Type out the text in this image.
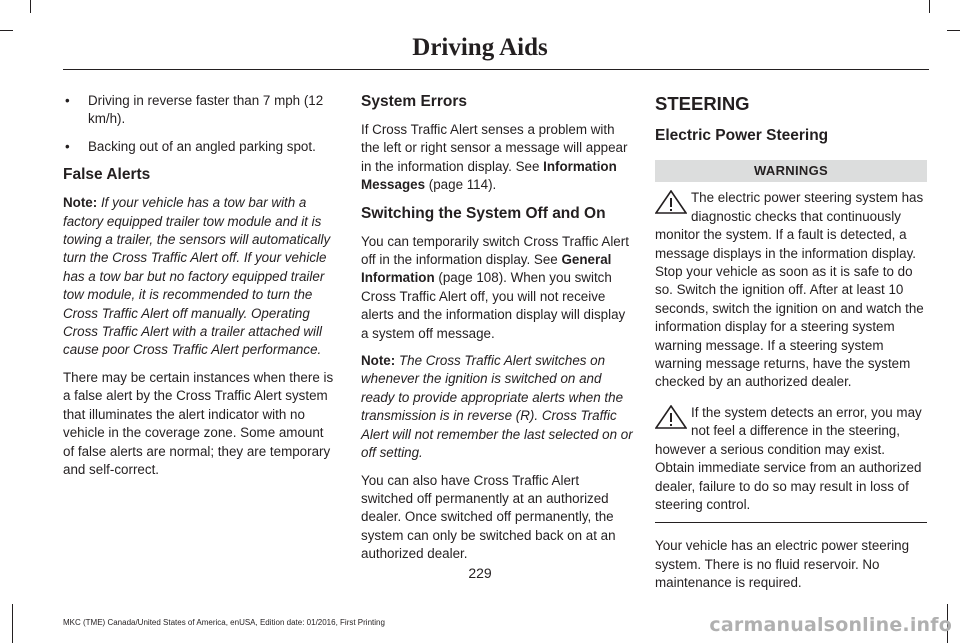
Driving Aids
• Driving in reverse faster than 7 mph (12 km/h).
• Backing out of an angled parking spot.
False Alerts

Note: If your vehicle has a tow bar with a factory equipped trailer tow module and it is towing a trailer, the sensors will automatically turn the Cross Traffic Alert off. If your vehicle has a tow bar but no factory equipped trailer tow module, it is recommended to turn the Cross Traffic Alert off manually. Operating Cross Traffic Alert with a trailer attached will cause poor Cross Traffic Alert performance.

There may be certain instances when there is a false alert by the Cross Traffic Alert system that illuminates the alert indicator with no vehicle in the coverage zone. Some amount of false alerts are normal; they are temporary and self-correct.

System Errors

If Cross Traffic Alert senses a problem with the left or right sensor a message will appear in the information display. See Information Messages (page 114).

Switching the System Off and On

You can temporarily switch Cross Traffic Alert off in the information display. See General Information (page 108). When you switch Cross Traffic Alert off, you will not receive alerts and the information display will display a system off message.

Note: The Cross Traffic Alert switches on whenever the ignition is switched on and ready to provide appropriate alerts when the transmission is in reverse (R). Cross Traffic Alert will not remember the last selected on or off setting.

You can also have Cross Traffic Alert switched off permanently at an authorized dealer. Once switched off permanently, the system can only be switched back on at an authorized dealer.

STEERING
Electric Power Steering
WARNINGS
The electric power steering system has diagnostic checks that continuously monitor the system. If a fault is detected, a message displays in the information display. Stop your vehicle as soon as it is safe to do so. Switch the ignition off. After at least 10 seconds, switch the ignition on and watch the information display for a steering system warning message. If a steering system warning message returns, have the system checked by an authorized dealer.
If the system detects an error, you may not feel a difference in the steering, however a serious condition may exist. Obtain immediate service from an authorized dealer, failure to do so may result in loss of steering control.

Your vehicle has an electric power steering system. There is no fluid reservoir. No maintenance is required.

229
MKC (TME) Canada/United States of America, enUSA, Edition date: 01/2016, First Printing	carmanualsonline.info
